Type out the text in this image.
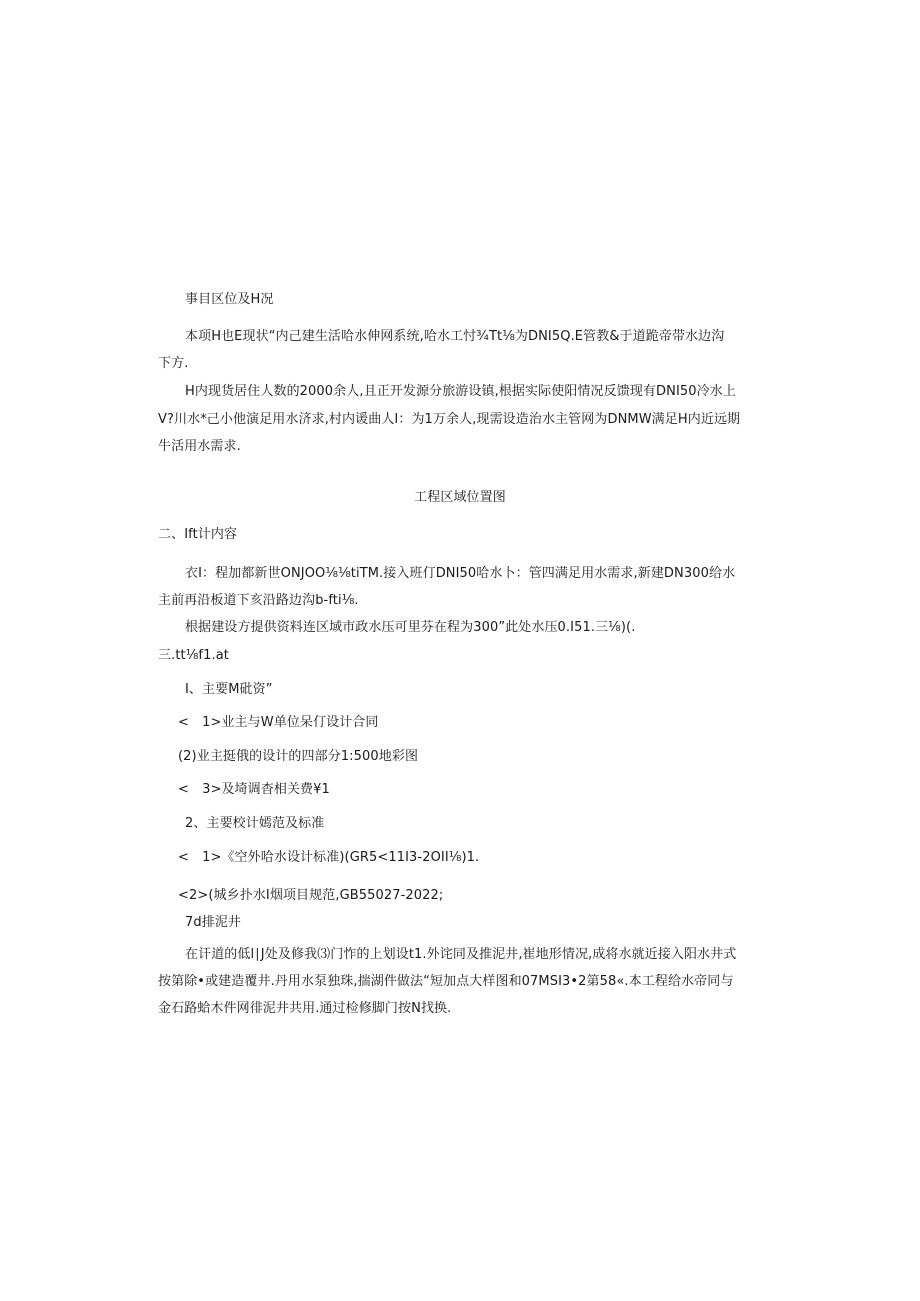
事目区位及H况
本项H也E现状“内己建生活哈水伸网系统,哈水工忖¾Tt⅛为DNI5Q.E管教&于道跪帝带水边沟
下方.
H内现货居住人数的2000余人,且正开发源分旅游设镇,根据实际使阳情况反馈现有DNI50冷水上
V?川水*己小他演足用水济求,村内谖曲人I：为1万余人,现需设造治水主管网为DNMW满足H内近远期
牛活用水需求.
工程区域位置图
二、Ift计内容
衣I：程加都新世ONJOO⅛⅛tiTM.接入班仃DNI50哈水卜：管四满足用水需求,新建DN300给水
主前再沿板道下亥沿路边沟b-fti⅛.
根据建设方提供资料连区域市政水压可里芬在程为300”此处水压0.I51.三⅛)(.
三.tt⅛f1.at
I、主要M砒资”
<　1>业主与W单位呆仃设计合同
(2)业主挺俄的设计的四部分1:500地彩图
<　3>及埼调杳相关费¥1
2、主要校计嫣范及标准
<　1>《空外哈水设计标准)(GR5<11I3-2OII⅛)1.
<2>(城乡扑水I烟项目规范,GB55027-2022;
7d排泥井
在讦道的低l∣J处及修我⑶门怍的上划设t1.外诧同及推泥井,崔地形情况,成将水就近接入阳水井式
按第除•或建造覆井.丹用水泵独珠,揣湖件做法“短加点大样图和07MSI3•2第58«.本工程给水帝同与
金石路蛤木件网徘泥井共用.通过检修脚门按N找换.
